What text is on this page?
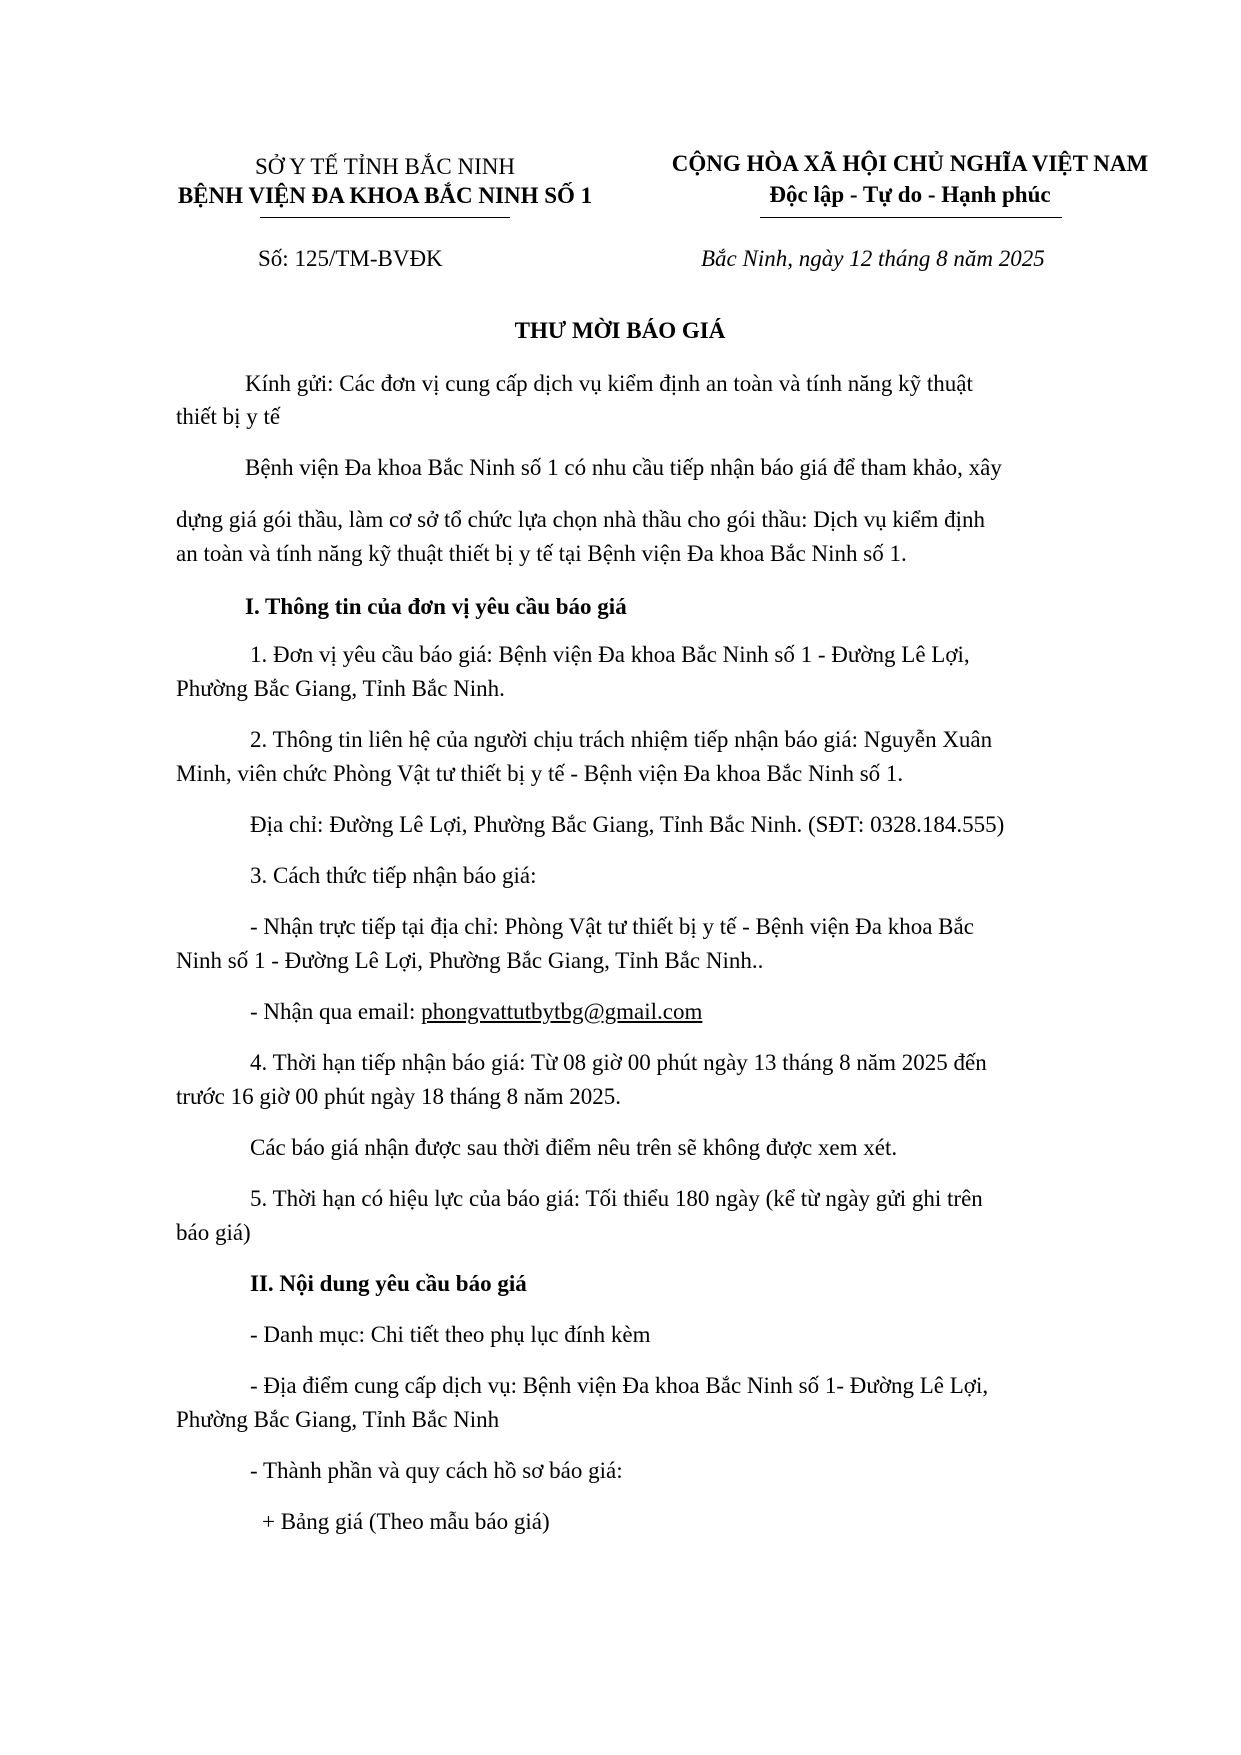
SỞ Y TẾ TỈNH BẮC NINH
BỆNH VIỆN ĐA KHOA BẮC NINH SỐ 1
CỘNG HÒA XÃ HỘI CHỦ NGHĨA VIỆT NAM
Độc lập - Tự do - Hạnh phúc
Số: 125/TM-BVĐK	Bắc Ninh, ngày 12 tháng 8 năm 2025
THƯ MỜI BÁO GIÁ
Kính gửi: Các đơn vị cung cấp dịch vụ kiểm định an toàn và tính năng kỹ thuật
thiết bị y tế
Bệnh viện Đa khoa Bắc Ninh số 1 có nhu cầu tiếp nhận báo giá để tham khảo, xây
dựng giá gói thầu, làm cơ sở tổ chức lựa chọn nhà thầu cho gói thầu: Dịch vụ kiểm định
an toàn và tính năng kỹ thuật thiết bị y tế tại Bệnh viện Đa khoa Bắc Ninh số 1.
I. Thông tin của đơn vị yêu cầu báo giá
1. Đơn vị yêu cầu báo giá: Bệnh viện Đa khoa Bắc Ninh số 1 - Đường Lê Lợi,
Phường Bắc Giang, Tỉnh Bắc Ninh.
2. Thông tin liên hệ của người chịu trách nhiệm tiếp nhận báo giá: Nguyễn Xuân
Minh, viên chức Phòng Vật tư thiết bị y tế - Bệnh viện Đa khoa Bắc Ninh số 1.
Địa chỉ: Đường Lê Lợi, Phường Bắc Giang, Tỉnh Bắc Ninh. (SĐT: 0328.184.555)
3. Cách thức tiếp nhận báo giá:
- Nhận trực tiếp tại địa chỉ: Phòng Vật tư thiết bị y tế - Bệnh viện Đa khoa Bắc
Ninh số 1 - Đường Lê Lợi, Phường Bắc Giang, Tỉnh Bắc Ninh..
- Nhận qua email: phongvattutbytbg@gmail.com
4. Thời hạn tiếp nhận báo giá: Từ 08 giờ 00 phút ngày 13 tháng 8 năm 2025 đến
trước 16 giờ 00 phút ngày 18 tháng 8 năm 2025.
Các báo giá nhận được sau thời điểm nêu trên sẽ không được xem xét.
5. Thời hạn có hiệu lực của báo giá: Tối thiểu 180 ngày (kể từ ngày gửi ghi trên
báo giá)
II. Nội dung yêu cầu báo giá
- Danh mục: Chi tiết theo phụ lục đính kèm
- Địa điểm cung cấp dịch vụ: Bệnh viện Đa khoa Bắc Ninh số 1- Đường Lê Lợi,
Phường Bắc Giang, Tỉnh Bắc Ninh
- Thành phần và quy cách hồ sơ báo giá:
+ Bảng giá (Theo mẫu báo giá)
